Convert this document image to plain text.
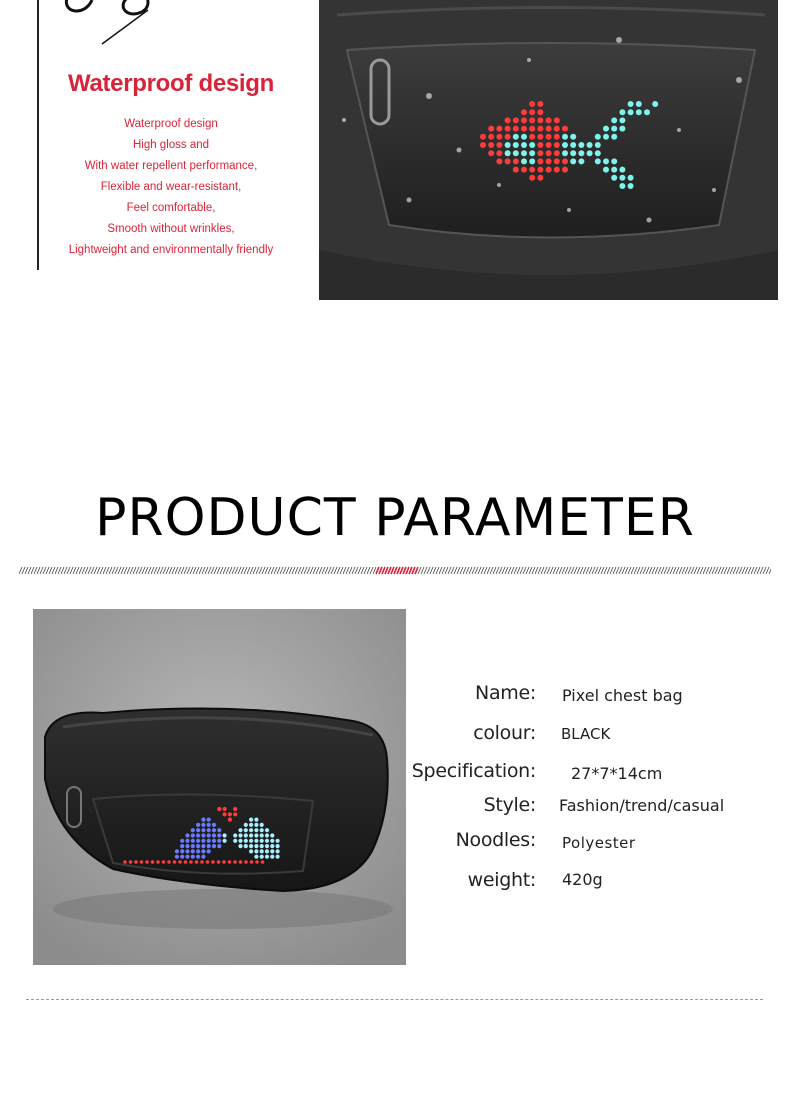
Waterproof design
Waterproof design
High gloss and
With water repellent performance,
Flexible and wear-resistant,
Feel comfortable,
Smooth without wrinkles,
Lightweight and environmentally friendly
PRODUCT PARAMETER
Name: Pixel chest bag
colour: BLACK
Specification: 27*7*14cm
Style: Fashion/trend/casual
Noodles: Polyester
weight: 420g
